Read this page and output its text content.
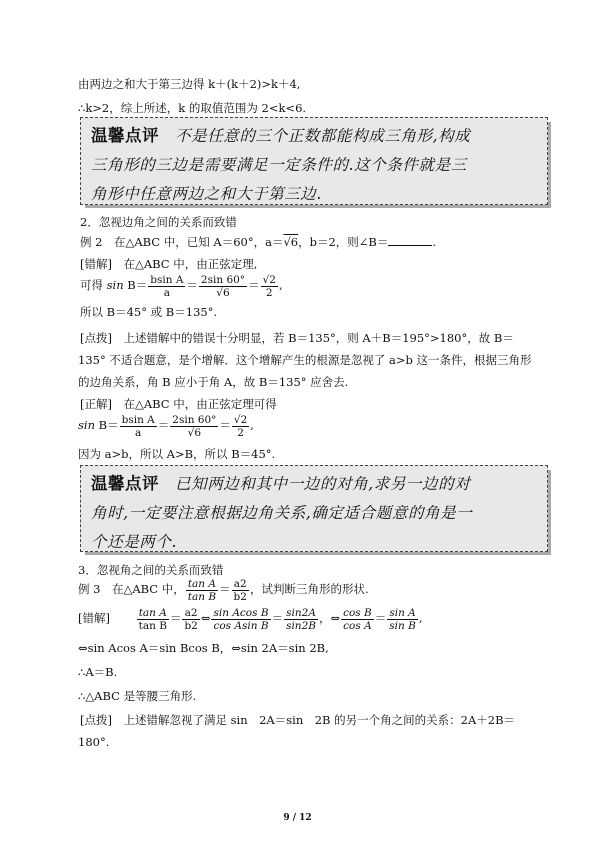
由两边之和大于第三边得 k＋(k＋2)>k＋4,
∴k>2，综上所述，k 的取值范围为 2<k<6.
温馨点评 不是任意的三个正数都能构成三角形,构成
三角形的三边是需要满足一定条件的.这个条件就是三
角形中任意两边之和大于第三边.
2．忽视边角之间的关系而致错
例 2　在△ABC 中，已知 A＝60°，a＝√6，b＝2，则∠B＝	.
[错解]　在△ABC 中，由正弦定理,
可得 $\sin B= \frac{\text{bsin A}}{a} = \frac{2\sin 60^\circ}{√6} = \frac{√2}{2}$ ,
所以 B＝45° 或 B＝135°.
[点拨]　上述错解中的错误十分明显，若 B＝135°，则 A＋B＝195°>180°，故 B＝
135° 不适合题意，是个增解．这个增解产生的根源是忽视了 a>b 这一条件，根据三角形
的边角关系，角 B 应小于角 A，故 B＝135° 应舍去.
[正解]　在△ABC 中，由正弦定理可得
$\sin B= \frac{\text{bsin A}}{a} = \frac{2\sin 60^\circ}{√6} = \frac{√2}{2}$ ,
因为 a>b，所以 A>B，所以 B＝45°.
温馨点评 已知两边和其中一边的对角,求另一边的对
角时,一定要注意根据边角关系,确定适合题意的角是一
个还是两个.
3．忽视角之间的关系而致错
例 3　在△ABC 中， $\frac{\text{tan A}}{\text{tan B}} = \frac{a2}{b2}$ ，试判断三角形的形状.
[错解]	$\frac{\text{tan A}}{\text{tan B}} = \frac{a2}{b2}$ ⇔ $\frac{\text{sin Acos B}}{\text{cos Asin B}} = \frac{\sin 2A}{\sin 2B}$ ，⇔ $\frac{\text{cos B}}{\text{cos A}} = \frac{\text{sin A}}{\text{sin B}}$ ,
⇔sin Acos A＝sin Bcos B，⇔sin 2A＝sin 2B,
∴A＝B.
∴△ABC 是等腰三角形.
[点拨]　上述错解忽视了满足 sin　2A＝sin　2B 的另一个角之间的关系：2A＋2B＝
180°.
9 / 12
